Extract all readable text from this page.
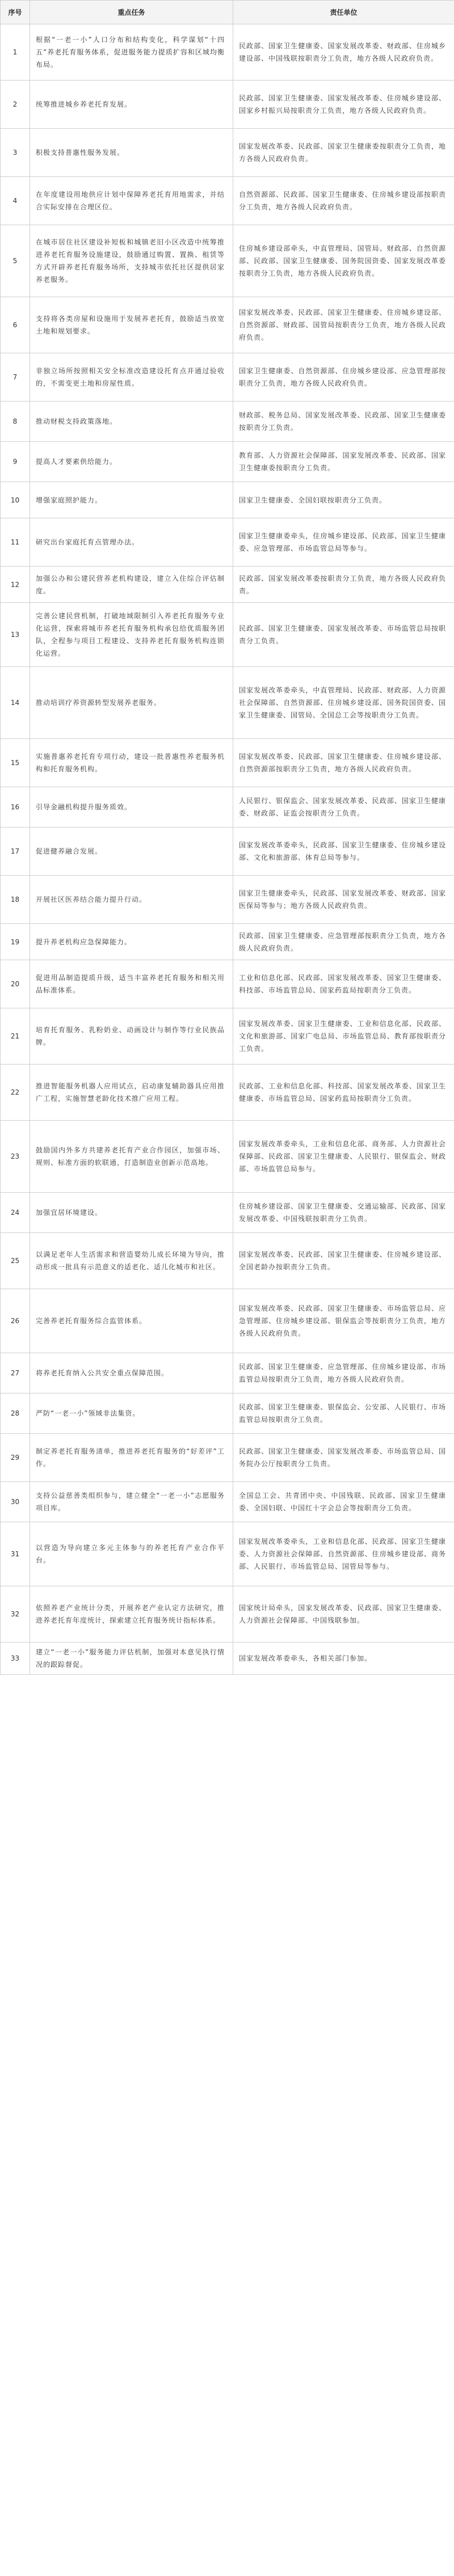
序号	重点任务	责任单位
1	根据“一老一小”人口分布和结构变化，科学谋划“十四五”养老托育服务体系，促进服务能力提质扩容和区域均衡布局。	民政部、国家卫生健康委、国家发展改革委、财政部、住房城乡建设部、中国残联按职责分工负责，地方各级人民政府负责。
2	统筹推进城乡养老托育发展。	民政部、国家卫生健康委、国家发展改革委、住房城乡建设部、国家乡村振兴局按职责分工负责，地方各级人民政府负责。
3	积极支持普惠性服务发展。	国家发展改革委、民政部、国家卫生健康委按职责分工负责，地方各级人民政府负责。
4	在年度建设用地供应计划中保障养老托育用地需求，并结合实际安排在合理区位。	自然资源部、民政部、国家卫生健康委、住房城乡建设部按职责分工负责，地方各级人民政府负责。
5	在城市居住社区建设补短板和城镇老旧小区改造中统筹推进养老托育服务设施建设，鼓励通过购置、置换、租赁等方式开辟养老托育服务场所，支持城市依托社区提供居家养老服务。	住房城乡建设部牵头，中直管理局、国管局、财政部、自然资源部、民政部、国家卫生健康委、国务院国资委、国家发展改革委按职责分工负责，地方各级人民政府负责。
6	支持将各类房屋和设施用于发展养老托育，鼓励适当放宽土地和规划要求。	国家发展改革委、民政部、国家卫生健康委、住房城乡建设部、自然资源部、财政部、国管局按职责分工负责，地方各级人民政府负责。
7	非独立场所按照相关安全标准改造建设托育点并通过验收的，不需变更土地和房屋性质。	国家卫生健康委、自然资源部、住房城乡建设部、应急管理部按职责分工负责，地方各级人民政府负责。
8	推动财税支持政策落地。	财政部、税务总局、国家发展改革委、民政部、国家卫生健康委按职责分工负责。
9	提高人才要素供给能力。	教育部、人力资源社会保障部、国家发展改革委、民政部、国家卫生健康委按职责分工负责。
10	增强家庭照护能力。	国家卫生健康委、全国妇联按职责分工负责。
11	研究出台家庭托育点管理办法。	国家卫生健康委牵头，住房城乡建设部、民政部、国家卫生健康委、应急管理部、市场监管总局等参与。
12	加强公办和公建民营养老机构建设，建立入住综合评估制度。	民政部、国家发展改革委按职责分工负责，地方各级人民政府负责。
13	完善公建民营机制，打破地域限制引入养老托育服务专业化运营，探索将城市养老托育服务机构承包给优质服务团队，全程参与项目工程建设、支持养老托育服务机构连锁化运营。	民政部、国家卫生健康委、国家发展改革委、市场监管总局按职责分工负责。
14	推动培训疗养资源转型发展养老服务。	国家发展改革委牵头，中直管理局、民政部、财政部、人力资源社会保障部、自然资源部、住房城乡建设部、国务院国资委、国家卫生健康委、国管局、全国总工会等按职责分工负责。
15	实施普惠养老托育专项行动，建设一批普惠性养老服务机构和托育服务机构。	国家发展改革委、民政部、国家卫生健康委、住房城乡建设部、自然资源部按职责分工负责，地方各级人民政府负责。
16	引导金融机构提升服务质效。	人民银行、银保监会、国家发展改革委、民政部、国家卫生健康委、财政部、证监会按职责分工负责。
17	促进健养融合发展。	国家发展改革委牵头，民政部、国家卫生健康委、住房城乡建设部、文化和旅游部、体育总局等参与。
18	开展社区医养结合能力提升行动。	国家卫生健康委牵头，民政部、国家发展改革委、财政部、国家医保局等参与；地方各级人民政府负责。
19	提升养老机构应急保障能力。	民政部、国家卫生健康委、应急管理部按职责分工负责，地方各级人民政府负责。
20	促进用品制造提质升级，适当丰富养老托育服务和相关用品标准体系。	工业和信息化部、民政部、国家发展改革委、国家卫生健康委、科技部、市场监管总局、国家药监局按职责分工负责。
21	培育托育服务、乳粉奶业、动画设计与制作等行业民族品牌。	国家发展改革委、国家卫生健康委、工业和信息化部、民政部、文化和旅游部、国家广电总局、市场监管总局、教育部按职责分工负责。
22	推进智能服务机器人应用试点，启动康复辅助器具应用推广工程，实施智慧老龄化技术推广应用工程。	民政部、工业和信息化部、科技部、国家发展改革委、国家卫生健康委、市场监管总局、国家药监局按职责分工负责。
23	鼓励国内外多方共建养老托育产业合作园区，加强市场、规则、标准方面的软联通，打造制造业创新示范高地。	国家发展改革委牵头，工业和信息化部、商务部、人力资源社会保障部、民政部、国家卫生健康委、人民银行、银保监会、财政部、市场监管总局参与。
24	加强宜居环境建设。	住房城乡建设部、国家卫生健康委、交通运输部、民政部、国家发展改革委、中国残联按职责分工负责。
25	以满足老年人生活需求和营造婴幼儿成长环境为导向，推动形成一批具有示范意义的适老化、适儿化城市和社区。	国家发展改革委、民政部、国家卫生健康委、住房城乡建设部、全国老龄办按职责分工负责。
26	完善养老托育服务综合监管体系。	国家发展改革委、民政部、国家卫生健康委、市场监管总局、应急管理部、住房城乡建设部、银保监会等按职责分工负责，地方各级人民政府负责。
27	将养老托育纳入公共安全重点保障范围。	民政部、国家卫生健康委、应急管理部、住房城乡建设部、市场监管总局按职责分工负责，地方各级人民政府负责。
28	严防“一老一小”领域非法集资。	民政部、国家卫生健康委、银保监会、公安部、人民银行、市场监管总局按职责分工负责。
29	制定养老托育服务清单，推进养老托育服务的“好差评”工作。	民政部、国家卫生健康委、国家发展改革委、市场监管总局、国务院办公厅按职责分工负责。
30	支持公益慈善类组织参与，建立健全“一老一小”志愿服务项目库。	全国总工会、共青团中央、中国残联、民政部、国家卫生健康委、全国妇联、中国红十字会总会等按职责分工负责。
31	以营造为导向建立多元主体参与的养老托育产业合作平台。	国家发展改革委牵头，工业和信息化部、民政部、国家卫生健康委、人力资源社会保障部、自然资源部、住房城乡建设部、商务部、人民银行、市场监管总局、国管局等参与。
32	依照养老产业统计分类，开展养老产业认定方法研究，推进养老托育年度统计，探索建立托育服务统计指标体系。	国家统计局牵头，国家发展改革委、民政部、国家卫生健康委、人力资源社会保障部、中国残联参加。
33	建立“一老一小”服务能力评估机制，加强对本意见执行情况的跟踪督促。	国家发展改革委牵头，各相关部门参加。
